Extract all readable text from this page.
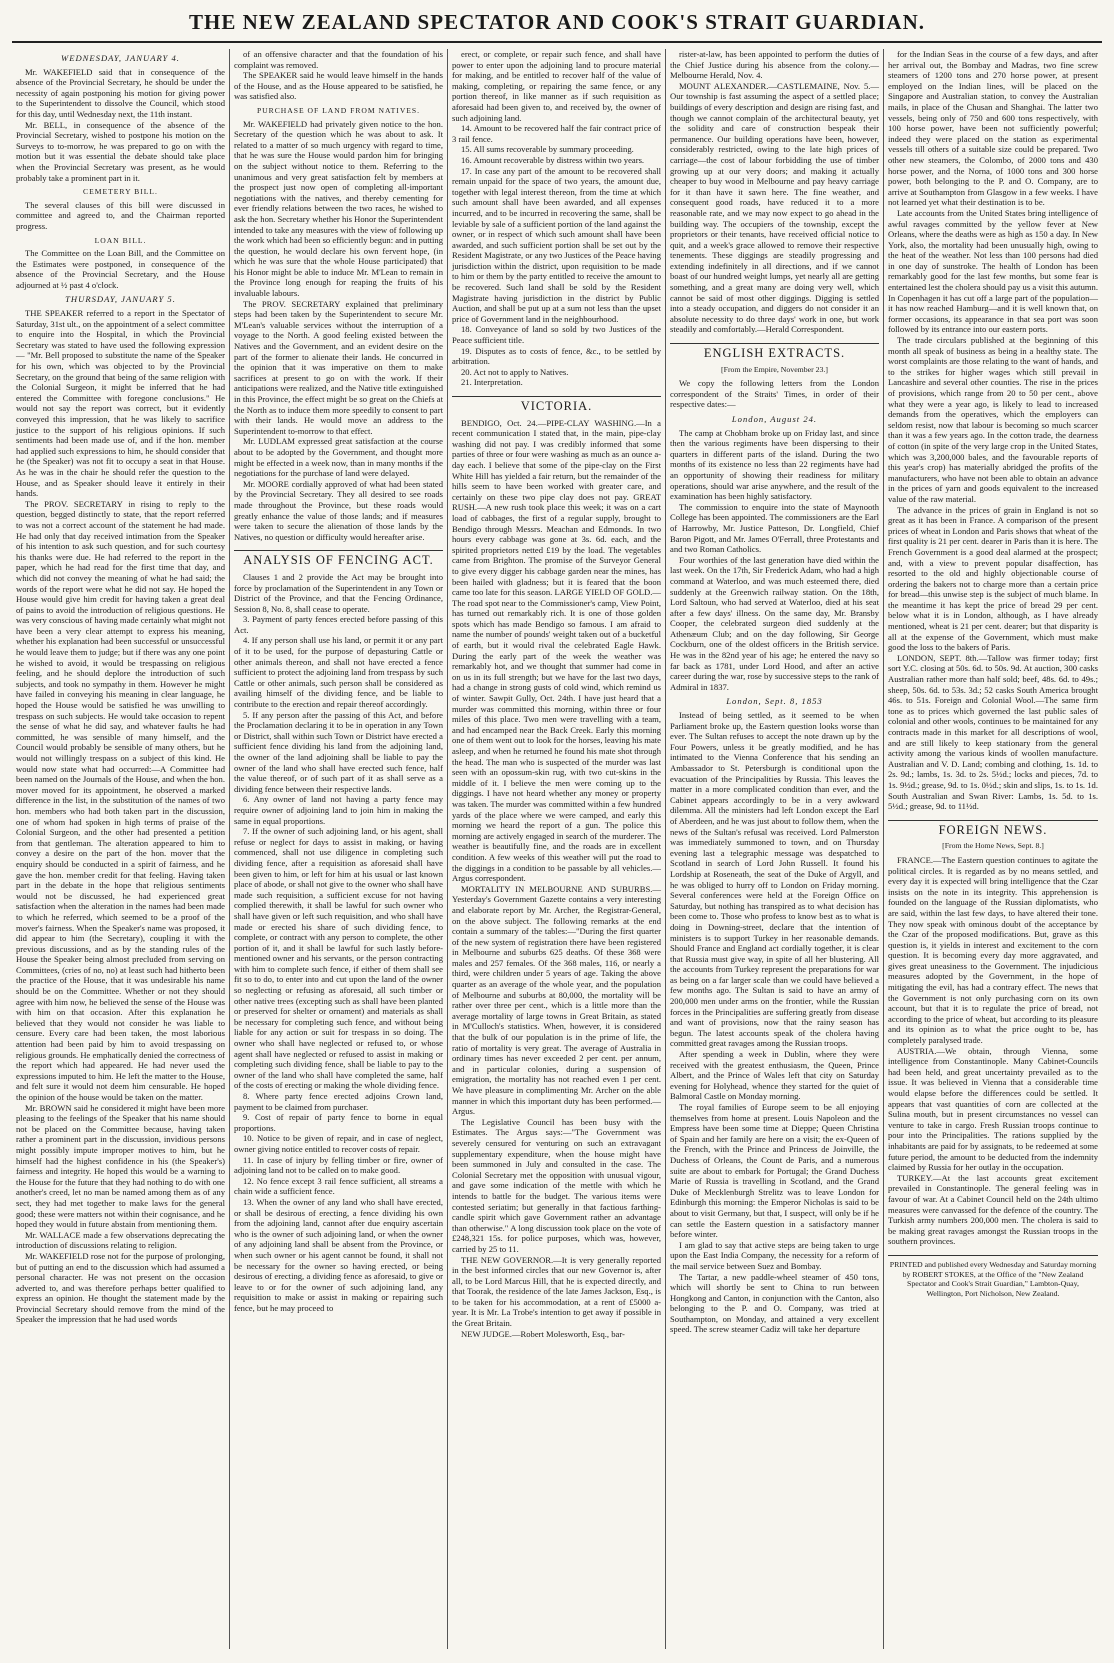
THE NEW ZEALAND SPECTATOR AND COOK'S STRAIT GUARDIAN.
WEDNESDAY, JANUARY 4.

Mr. WAKEFIELD said that in consequence of the absence of the Provincial Secretary, he should be under the necessity of again postponing his motion for giving power to the Superintendent to dissolve the Council, which stood for this day, until Wednesday next, the 11th instant.

Mr. BELL, in consequence of the absence of the Provincial Secretary, wished to postpone his motion on the Surveys to to-morrow, he was prepared to go on with the motion but it was essential the debate should take place when the Provincial Secretary was present, as he would probably take a prominent part in it.

CEMETERY BILL.

The several clauses of this bill were discussed in committee and agreed to, and the Chairman reported progress.

LOAN BILL.

The Committee on the Loan Bill, and the Committee on the Estimates were postponed, in consequence of the absence of the Provincial Secretary, and the House adjourned at ½ past 4 o'clock.

THURSDAY, JANUARY 5.

THE SPEAKER referred to a report in the Spectator of Saturday, 31st ult., on the appointment of a select committee to enquire into the Hospital, in which the Provincial Secretary was stated to have used the following expression— "Mr. Bell proposed to substitute the name of the Speaker for his own, which was objected to by the Provincial Secretary, on the ground that being of the same religion with the Colonial Surgeon, it might be inferred that he had entered the Committee with foregone conclusions." He would not say the report was correct, but it evidently conveyed this impression, that he was likely to sacrifice justice to the support of his religious opinions. If such sentiments had been made use of, and if the hon. member had applied such expressions to him, he should consider that he (the Speaker) was not fit to occupy a seat in that House. As he was in the chair he should refer the question to the House, and as Speaker should leave it entirely in their hands.

The PROV. SECRETARY in rising to reply to the question, begged distinctly to state, that the report referred to was not a correct account of the statement he had made. He had only that day received intimation from the Speaker of his intention to ask such question, and for such courtesy his thanks were due. He had referred to the report in the paper, which he had read for the first time that day, and which did not convey the meaning of what he had said; the words of the report were what he did not say. He hoped the House would give him credit for having taken a great deal of pains to avoid the introduction of religious questions. He was very conscious of having made certainly what might not have been a very clear attempt to express his meaning, whether his explanation had been successful or unsuccessful he would leave them to judge; but if there was any one point he wished to avoid, it would be trespassing on religious feeling, and he should deplore the introduction of such subjects, and took no sympathy in them. However he might have failed in conveying his meaning in clear language, he hoped the House would be satisfied he was unwilling to trespass on such subjects. He would take occasion to repent the sense of what he did say, and whatever faults he had committed, he was sensible of many himself, and the Council would probably be sensible of many others, but he would not willingly trespass on a subject of this kind. He would now state what had occurred:—A Committee had been named on the Journals of the House, and when the hon. mover moved for its appointment, he observed a marked difference in the list, in the substitution of the names of two hon. members who had both taken part in the discussion, one of whom had spoken in high terms of praise of the Colonial Surgeon, and the other had presented a petition from that gentleman. The alteration appeared to him to convey a desire on the part of the hon. mover that the enquiry should be conducted in a spirit of fairness, and he gave the hon. member credit for that feeling. Having taken part in the debate in the hope that religious sentiments would not be discussed, he had experienced great satisfaction when the alteration in the names had been made to which he referred, which seemed to be a proof of the mover's fairness. When the Speaker's name was proposed, it did appear to him (the Secretary), coupling it with the previous discussions, and as by the standing rules of the House the Speaker being almost precluded from serving on Committees, (cries of no, no) at least such had hitherto been the practice of the House, that it was undesirable his name should be on the Committee. Whether or not they should agree with him now, he believed the sense of the House was with him on that occasion. After this explanation he believed that they would not consider he was liable to censure. Every care had been taken, the most laborious attention had been paid by him to avoid trespassing on religious grounds. He emphatically denied the correctness of the report which had appeared. He had never used the expressions imputed to him. He left the matter to the House, and felt sure it would not deem him censurable. He hoped the opinion of the house would be taken on the matter.

Mr. BROWN said he considered it might have been more pleasing to the feelings of the Speaker that his name should not be placed on the Committee because, having taken rather a prominent part in the discussion, invidious persons might possibly impute improper motives to him, but he himself had the highest confidence in his (the Speaker's) fairness and integrity. He hoped this would be a warning to the House for the future that they had nothing to do with one another's creed, let no man be named among them as of any sect, they had met together to make laws for the general good; these were matters not within their cognisance, and he hoped they would in future abstain from mentioning them.

Mr. WALLACE made a few observations deprecating the introduction of discussions relating to religion.

Mr. WAKEFIELD rose not for the purpose of prolonging, but of putting an end to the discussion which had assumed a personal character. He was not present on the occasion adverted to, and was therefore perhaps better qualified to express an opinion. He thought the statement made by the Provincial Secretary should remove from the mind of the Speaker the impression that he had used words

of an offensive character and that the foundation of his complaint was removed.

The SPEAKER said he would leave himself in the hands of the House, and as the House appeared to be satisfied, he was satisfied also.

PURCHASE OF LAND FROM NATIVES.

Mr. WAKEFIELD had privately given notice to the hon. Secretary of the question which he was about to ask. It related to a matter of so much urgency with regard to time, that he was sure the House would pardon him for bringing on the subject without notice to them. Referring to the unanimous and very great satisfaction felt by members at the prospect just now open of completing all-important negotiations with the natives, and thereby cementing for ever friendly relations between the two races, he wished to ask the hon. Secretary whether his Honor the Superintendent intended to take any measures with the view of following up the work which had been so efficiently begun: and in putting the question, he would declare his own fervent hope, (in which he was sure that the whole House participated) that his Honor might be able to induce Mr. M'Lean to remain in the Province long enough for reaping the fruits of his invaluable labours.

The PROV. SECRETARY explained that preliminary steps had been taken by the Superintendent to secure Mr. M'Lean's valuable services without the interruption of a voyage to the North. A good feeling existed between the Natives and the Government, and an evident desire on the part of the former to alienate their lands. He concurred in the opinion that it was imperative on them to make sacrifices at present to go on with the work. If their anticipations were realized, and the Native title extinguished in this Province, the effect might be so great on the Chiefs at the North as to induce them more speedily to consent to part with their lands. He would move an address to the Superintendent to-morrow to that effect.

Mr. LUDLAM expressed great satisfaction at the course about to be adopted by the Government, and thought more might be effected in a week now, than in many months if the negotiations for the purchase of land were delayed.

Mr. MOORE cordially approved of what had been stated by the Provincial Secretary. They all desired to see roads made throughout the Province, but these roads would greatly enhance the value of those lands; and if measures were taken to secure the alienation of those lands by the Natives, no question or difficulty would hereafter arise.

ANALYSIS OF FENCING ACT.

Clauses 1 and 2 provide the Act may be brought into force by proclamation of the Superintendent in any Town or District of the Province, and that the Fencing Ordinance, Session 8, No. 8, shall cease to operate.

3. Payment of party fences erected before passing of this Act.

4. If any person shall use his land, or permit it or any part of it to be used, for the purpose of depasturing Cattle or other animals thereon, and shall not have erected a fence sufficient to protect the adjoining land from trespass by such Cattle or other animals, such person shall be considered as availing himself of the dividing fence, and be liable to contribute to the erection and repair thereof accordingly.

5. If any person after the passing of this Act, and before the Proclamation declaring it to be in operation in any Town or District, shall within such Town or District have erected a sufficient fence dividing his land from the adjoining land, the owner of the land adjoining shall be liable to pay the owner of the land who shall have erected such fence, half the value thereof, or of such part of it as shall serve as a dividing fence between their respective lands.

6. Any owner of land not having a party fence may require owner of adjoining land to join him in making the same in equal proportions.

7. If the owner of such adjoining land, or his agent, shall refuse or neglect for days to assist in making, or having commenced, shall not use diligence in completing such dividing fence, after a requisition as aforesaid shall have been given to him, or left for him at his usual or last known place of abode, or shall not give to the owner who shall have made such requisition, a sufficient excuse for not having complied therewith, it shall be lawful for such owner who shall have given or left such requisition, and who shall have made or erected his share of such dividing fence, to complete, or contract with any person to complete, the other portion of it, and it shall be lawful for such lastly before-mentioned owner and his servants, or the person contracting with him to complete such fence, if either of them shall see fit so to do, to enter into and cut upon the land of the owner so neglecting or refusing as aforesaid, all such timber or other native trees (excepting such as shall have been planted or preserved for shelter or ornament) and materials as shall be necessary for completing such fence, and without being liable for any action or suit for trespass in so doing. The owner who shall have neglected or refused to, or whose agent shall have neglected or refused to assist in making or completing such dividing fence, shall be liable to pay to the owner of the land who shall have completed the same, half of the costs of erecting or making the whole dividing fence.

8. Where party fence erected adjoins Crown land, payment to be claimed from purchaser.

9. Cost of repair of party fence to borne in equal proportions.

10. Notice to be given of repair, and in case of neglect, owner giving notice entitled to recover costs of repair.

11. In case of injury by felling timber or fire, owner of adjoining land not to be called on to make good.

12. No fence except 3 rail fence sufficient, all streams a chain wide a sufficient fence.

13. When the owner of any land who shall have erected, or shall be desirous of erecting, a fence dividing his own from the adjoining land, cannot after due enquiry ascertain who is the owner of such adjoining land, or when the owner of any adjoining land shall be absent from the Province, or when such owner or his agent cannot be found, it shall not be necessary for the owner so having erected, or being desirous of erecting, a dividing fence as aforesaid, to give or leave to or for the owner of such adjoining land, any requisition to make or assist in making or repairing such fence, but he may proceed to

erect, or complete, or repair such fence, and shall have power to enter upon the adjoining land to procure material for making, and be entitled to recover half of the value of making, completing, or repairing the same fence, or any portion thereof, in like manner as if such requisition as aforesaid had been given to, and received by, the owner of such adjoining land.

14. Amount to be recovered half the fair contract price of 3 rail fence.

15. All sums recoverable by summary proceeding.

16. Amount recoverable by distress within two years.

17. In case any part of the amount to be recovered shall remain unpaid for the space of two years, the amount due, together with legal interest thereon, from the time at which such amount shall have been awarded, and all expenses incurred, and to be incurred in recovering the same, shall be leviable by sale of a sufficient portion of the land against the owner, or in respect of which such amount shall have been awarded, and such sufficient portion shall be set out by the Resident Magistrate, or any two Justices of the Peace having jurisdiction within the district, upon requisition to be made to him or them by the party entitled to receive the amount to be recovered. Such land shall be sold by the Resident Magistrate having jurisdiction in the district by Public Auction, and shall be put up at a sum not less than the upset price of Government land in the neighbourhood.

18. Conveyance of land so sold by two Justices of the Peace sufficient title.

19. Disputes as to costs of fence, &c., to be settled by arbitration.

20. Act not to apply to Natives.

21. Interpretation.

VICTORIA.

BENDIGO, Oct. 24.—PIPE-CLAY WASHING.—In a recent communication I stated that, in the main, pipe-clay washing did not pay. I was credibly informed that some parties of three or four were washing as much as an ounce a-day each. I believe that some of the pipe-clay on the First White Hill has yielded a fair return, but the remainder of the hills seem to have been worked with greater care, and certainly on these two pipe clay does not pay. GREAT RUSH.—A new rush took place this week; it was on a cart load of cabbages, the first of a regular supply, brought to Bendigo through Messrs. Meachan and Edmonds. In two hours every cabbage was gone at 3s. 6d. each, and the spirited proprietors netted £19 by the load. The vegetables came from Brighton. The promise of the Surveyor General to give every digger his cabbage garden near the mines, has been hailed with gladness; but it is feared that the boon came too late for this season. LARGE YIELD OF GOLD.—The road spot near to the Commissioner's camp, View Point, has turned out remarkably rich. It is one of those golden spots which has made Bendigo so famous. I am afraid to name the number of pounds' weight taken out of a bucketful of earth, but it would rival the celebrated Eagle Hawk. During the early part of the week the weather was remarkably hot, and we thought that summer had come in on us in its full strength; but we have for the last two days, had a change in strong gusts of cold wind, which remind us of winter. Sawpit Gully, Oct. 24th. I have just heard that a murder was committed this morning, within three or four miles of this place. Two men were travelling with a team, and had encamped near the Back Creek. Early this morning one of them went out to look for the horses, leaving his mate asleep, and when he returned he found his mate shot through the head. The man who is suspected of the murder was last seen with an opossum-skin rug, with two cut-skins in the middle of it. I believe the men were coming up to the diggings. I have not heard whether any money or property was taken. The murder was committed within a few hundred yards of the place where we were camped, and early this morning we heard the report of a gun. The police this morning are actively engaged in search of the murderer. The weather is beautifully fine, and the roads are in excellent condition. A few weeks of this weather will put the road to the diggings in a condition to be passable by all vehicles.—Argus correspondent.

MORTALITY IN MELBOURNE AND SUBURBS.—Yesterday's Government Gazette contains a very interesting and elaborate report by Mr. Archer, the Registrar-General, on the above subject. The following remarks at the end contain a summary of the tables:—"During the first quarter of the new system of registration there have been registered in Melbourne and suburbs 625 deaths. Of these 368 were males and 257 females. Of the 368 males, 116, or nearly a third, were children under 5 years of age. Taking the above quarter as an average of the whole year, and the population of Melbourne and suburbs at 80,000, the mortality will be rather over three per cent., which is a little more than the average mortality of large towns in Great Britain, as stated in M'Culloch's statistics. When, however, it is considered that the bulk of our population is in the prime of life, the ratio of mortality is very great. The average of Australia in ordinary times has never exceeded 2 per cent. per annum, and in particular colonies, during a suspension of emigration, the mortality has not reached even 1 per cent. We have pleasure in complimenting Mr. Archer on the able manner in which this important duty has been performed.—Argus.

The Legislative Council has been busy with the Estimates. The Argus says:—"The Government was severely censured for venturing on such an extravagant supplementary expenditure, when the house might have been summoned in July and consulted in the case. The Colonial Secretary met the opposition with unusual vigour, and gave some indication of the mettle with which he intends to battle for the budget. The various items were contested seriatim; but generally in that factious farthing-candle spirit which gave Government rather an advantage than otherwise." A long discussion took place on the vote of £248,321 15s. for police purposes, which was, however, carried by 25 to 11.

THE NEW GOVERNOR.—It is very generally reported in the best informed circles that our new Governor is, after all, to be Lord Marcus Hill, that he is expected directly, and that Toorak, the residence of the late James Jackson, Esq., is to be taken for his accommodation, at a rent of £5000 a-year. It is Mr. La Trobe's intention to get away if possible in the Great Britain.

NEW JUDGE.—Robert Molesworth, Esq., bar-

rister-at-law, has been appointed to perform the duties of the Chief Justice during his absence from the colony.—Melbourne Herald, Nov. 4.

MOUNT ALEXANDER.—CASTLEMAINE, Nov. 5.—Our township is fast assuming the aspect of a settled place; buildings of every description and design are rising fast, and though we cannot complain of the architectural beauty, yet the solidity and care of construction bespeak their permanence. Our building operations have been, however, considerably restricted, owing to the late high prices of carriage—the cost of labour forbidding the use of timber growing up at our very doors; and making it actually cheaper to buy wood in Melbourne and pay heavy carriage for it than have it sawn here. The fine weather, and consequent good roads, have reduced it to a more reasonable rate, and we may now expect to go ahead in the building way. The occupiers of the township, except the proprietors or their tenants, have received official notice to quit, and a week's grace allowed to remove their respective tenements. These diggings are steadily progressing and extending indefinitely in all directions, and if we cannot boast of our hundred weight lumps, yet nearly all are getting something, and a great many are doing very well, which cannot be said of most other diggings. Digging is settled into a steady occupation, and diggers do not consider it an absolute necessity to do three days' work in one, but work steadily and comfortably.—Herald Correspondent.

ENGLISH EXTRACTS.
[From the Empire, November 23.]

We copy the following letters from the London correspondent of the Straits' Times, in order of their respective dates:—

London, August 24.

The camp at Chobham broke up on Friday last, and since then the various regiments have been dispersing to their quarters in different parts of the island. During the two months of its existence no less than 22 regiments have had an opportunity of showing their readiness for military operations, should war arise anywhere, and the result of the examination has been highly satisfactory.

The commission to enquire into the state of Maynooth College has been appointed. The commissioners are the Earl of Harrowby, Mr. Justice Patteson, Dr. Longfield, Chief Baron Pigott, and Mr. James O'Ferrall, three Protestants and and two Roman Catholics.

Four worthies of the last generation have died within the last week. On the 17th, Sir Frederick Adam, who had a high command at Waterloo, and was much esteemed there, died suddenly at the Greenwich railway station. On the 18th, Lord Saltoun, who had served at Waterloo, died at his seat after a few days' illness. On the same day, Mr. Bransby Cooper, the celebrated surgeon died suddenly at the Athenæum Club; and on the day following, Sir George Cockburn, one of the oldest officers in the British service. He was in the 82nd year of his age; he entered the navy so far back as 1781, under Lord Hood, and after an active career during the war, rose by successive steps to the rank of Admiral in 1837.

London, Sept. 8, 1853

Instead of being settled, as it seemed to be when Parliament broke up, the Eastern question looks worse than ever. The Sultan refuses to accept the note drawn up by the Four Powers, unless it be greatly modified, and he has intimated to the Vienna Conference that his sending an Ambassador to St. Petersburgh is conditional upon the evacuation of the Principalities by Russia. This leaves the matter in a more complicated condition than ever, and the Cabinet appears accordingly to be in a very awkward dilemma. All the ministers had left London except the Earl of Aberdeen, and he was just about to follow them, when the news of the Sultan's refusal was received. Lord Palmerston was immediately summoned to town, and on Thursday evening last a telegraphic message was despatched to Scotland in search of Lord John Russell. It found his Lordship at Roseneath, the seat of the Duke of Argyll, and he was obliged to hurry off to London on Friday morning. Several conferences were held at the Foreign Office on Saturday, but nothing has transpired as to what decision has been come to. Those who profess to know best as to what is doing in Downing-street, declare that the intention of ministers is to support Turkey in her reasonable demands. Should France and England act cordially together, it is clear that Russia must give way, in spite of all her blustering. All the accounts from Turkey represent the preparations for war as being on a far larger scale than we could have believed a few months ago. The Sultan is said to have an army of 200,000 men under arms on the frontier, while the Russian forces in the Principalities are suffering greatly from disease and want of provisions, now that the rainy season has begun. The latest accounts speak of the cholera having committed great ravages among the Russian troops.

After spending a week in Dublin, where they were received with the greatest enthusiasm, the Queen, Prince Albert, and the Prince of Wales left that city on Saturday evening for Holyhead, whence they started for the quiet of Balmoral Castle on Monday morning.

The royal families of Europe seem to be all enjoying themselves from home at present. Louis Napoleon and the Empress have been some time at Dieppe; Queen Christina of Spain and her family are here on a visit; the ex-Queen of the French, with the Prince and Princess de Joinville, the Duchess of Orleans, the Count de Paris, and a numerous suite are about to embark for Portugal; the Grand Duchess Marie of Russia is travelling in Scotland, and the Grand Duke of Mecklenburgh Strelitz was to leave London for Edinburgh this morning: the Emperor Nicholas is said to be about to visit Germany, but that, I suspect, will only be if he can settle the Eastern question in a satisfactory manner before winter.

I am glad to say that active steps are being taken to urge upon the East India Company, the necessity for a reform of the mail service between Suez and Bombay.

The Tartar, a new paddle-wheel steamer of 450 tons, which will shortly be sent to China to run between Hongkong and Canton, in conjunction with the Canton, also belonging to the P. and O. Company, was tried at Southampton, on Monday, and attained a very excellent speed. The screw steamer Cadiz will take her departure

for the Indian Seas in the course of a few days, and after her arrival out, the Bombay and Madras, two fine screw steamers of 1200 tons and 270 horse power, at present employed on the Indian lines, will be placed on the Singapore and Australian station, to convey the Australian mails, in place of the Chusan and Shanghai. The latter two vessels, being only of 750 and 600 tons respectively, with 100 horse power, have been not sufficiently powerful; indeed they were placed on the station as experimental vessels till others of a suitable size could be prepared. Two other new steamers, the Colombo, of 2000 tons and 430 horse power, and the Norna, of 1000 tons and 300 horse power, both belonging to the P. and O. Company, are to arrive at Southampton from Glasgow in a few weeks. I have not learned yet what their destination is to be.

Late accounts from the United States bring intelligence of awful ravages committed by the yellow fever at New Orleans, where the deaths were as high as 150 a day. In New York, also, the mortality had been unusually high, owing to the heat of the weather. Not less than 100 persons had died in one day of sunstroke. The health of London has been remarkably good for the last few months, but some fear is entertained lest the cholera should pay us a visit this autumn. In Copenhagen it has cut off a large part of the population—it has now reached Hamburg—and it is well known that, on former occasions, its appearance in that sea port was soon followed by its entrance into our eastern ports.

The trade circulars published at the beginning of this month all speak of business as being in a healthy state. The worst complaints are those relating to the want of hands, and to the strikes for higher wages which still prevail in Lancashire and several other counties. The rise in the prices of provisions, which range from 20 to 50 per cent., above what they were a year ago, is likely to lead to increased demands from the operatives, which the employers can seldom resist, now that labour is becoming so much scarcer than it was a few years ago. In the cotton trade, the dearness of cotton (in spite of the very large crop in the United States, which was 3,200,000 bales, and the favourable reports of this year's crop) has materially abridged the profits of the manufacturers, who have not been able to obtain an advance in the prices of yarn and goods equivalent to the increased value of the raw material.

The advance in the prices of grain in England is not so great as it has been in France. A comparison of the present prices of wheat in London and Paris shows that wheat of the first quality is 21 per cent. dearer in Paris than it is here. The French Government is a good deal alarmed at the prospect; and, with a view to prevent popular disaffection, has resorted to the old and highly objectionable course of ordering the bakers not to charge more than a certain price for bread—this unwise step is the subject of much blame. In the meantime it has kept the price of bread 29 per cent. below what it is in London, although, as I have already mentioned, wheat is 21 per cent. dearer; but that disparity is all at the expense of the Government, which must make good the loss to the bakers of Paris.

LONDON, SEPT. 8th.—Tallow was firmer today; first sort Y.C. closing at 50s. 6d. to 50s. 9d. At auction, 300 casks Australian rather more than half sold; beef, 48s. 6d. to 49s.; sheep, 50s. 6d. to 53s. 3d.; 52 casks South America brought 46s. to 51s. Foreign and Colonial Wool.—The same firm tone as to prices which governed the last public sales of colonial and other wools, continues to be maintained for any contracts made in this market for all descriptions of wool, and are still likely to keep stationary from the general activity among the various kinds of woollen manufacture. Australian and V. D. Land; combing and clothing, 1s. 1d. to 2s. 9d.; lambs, 1s. 3d. to 2s. 5½d.; locks and pieces, 7d. to 1s. 9½d.; grease, 9d. to 1s. 0½d.; skin and slips, 1s. to 1s. 1d. South Australian and Swan River: Lambs, 1s. 5d. to 1s. 5½d.; grease, 9d. to 11½d.

FOREIGN NEWS.
[From the Home News, Sept. 8.]

FRANCE.—The Eastern question continues to agitate the political circles. It is regarded as by no means settled, and every day it is expected will bring intelligence that the Czar insists on the note in its integrity. This apprehension is founded on the language of the Russian diplomatists, who are said, within the last few days, to have altered their tone. They now speak with ominous doubt of the acceptance by the Czar of the proposed modifications. But, grave as this question is, it yields in interest and excitement to the corn question. It is becoming every day more aggravated, and gives great uneasiness to the Government. The injudicious measures adopted by the Government, in the hope of mitigating the evil, has had a contrary effect. The news that the Government is not only purchasing corn on its own account, but that it is to regulate the price of bread, not according to the price of wheat, but according to its pleasure and its opinion as to what the price ought to be, has completely paralysed trade.

AUSTRIA.—We obtain, through Vienna, some intelligence from Constantinople. Many Cabinet-Councils had been held, and great uncertainty prevailed as to the issue. It was believed in Vienna that a considerable time would elapse before the differences could be settled. It appears that vast quantities of corn are collected at the Sulina mouth, but in present circumstances no vessel can venture to take in cargo. Fresh Russian troops continue to pour into the Principalities. The rations supplied by the inhabitants are paid for by assignats, to be redeemed at some future period, the amount to be deducted from the indemnity claimed by Russia for her outlay in the occupation.

TURKEY.—At the last accounts great excitement prevailed in Constantinople. The general feeling was in favour of war. At a Cabinet Council held on the 24th ultimo measures were canvassed for the defence of the country. The Turkish army numbers 200,000 men. The cholera is said to be making great ravages amongst the Russian troops in the southern provinces.

PRINTED and published every Wednesday and Saturday morning by ROBERT STOKES, at the Office of the "New Zealand Spectator and Cook's Strait Guardian," Lambton-Quay, Wellington, Port Nicholson, New Zealand.
